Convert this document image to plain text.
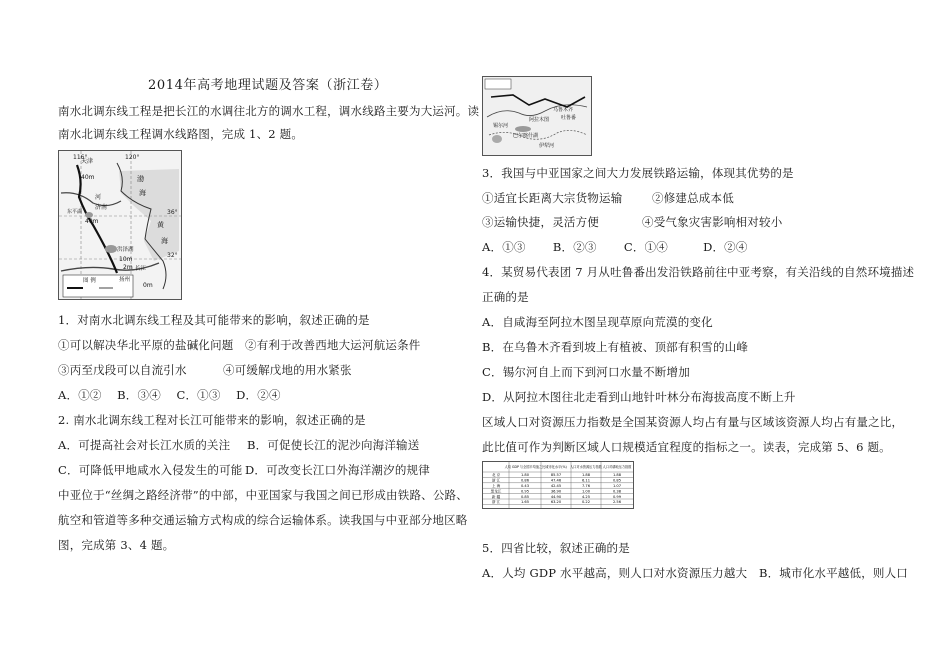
2014年高考地理试题及答案（浙江卷）
南水北调东线工程是把长江的水调往北方的调水工程，调水线路主要为大运河。读
南水北调东线工程调水线路图，完成 1、2 题。
116°	120°
36°
32°
天津
渤
海
黄
河
济南
海
洪泽湖
长江
扬州
东平湖
40m
40m
10m
2m
0m
图 例
1．对南水北调东线工程及其可能带来的影响，叙述正确的是
①可以解决华北平原的盐碱化问题 ②有利于改善西地大运河航运条件
③丙至戊段可以自流引水	④可缓解戊地的用水紧张
A．①②　 B．③④　 C．①③　 D．②④
2. 南水北调东线工程对长江可能带来的影响，叙述正确的是
A．可提高社会对长江水质的关注 B．可促使长江的泥沙向海洋输送
C．可降低甲地咸水入侵发生的可能 D．可改变长江口外海洋潮汐的规律
中亚位于“丝绸之路经济带”的中部，中亚国家与我国之间已形成由铁路、公路、
航空和管道等多种交通运输方式构成的综合运输体系。读我国与中亚部分地区略
图，完成第 3、4 题。
吐鲁番
阿拉木图
乌鲁木齐
锡尔河
巴尔喀什湖
伊犁河
3．我国与中亚国家之间大力发展铁路运输，体现其优势的是
①适宜长距离大宗货物运输	②修建总成本低
③运输快捷，灵活方便	④受气象灾害影响相对较小
A．①③　　 B．②③　　 C．①④　　　D．②④
4．某贸易代表团 7 月从吐鲁番出发沿铁路前往中亚考察，有关沿线的自然环境描述
正确的是
A．自咸海至阿拉木图呈现草原向荒漠的变化
B．在乌鲁木齐看到坡上有植被、顶部有积雪的山峰
C．锡尔河自上而下到河口水量不断增加
D．从阿拉木图往北走看到山地针叶林分布海拔高度不断上升
区域人口对资源压力指数是全国某资源人均占有量与区域该资源人均占有量之比，
此比值可作为判断区域人口规模适宜程度的指标之一。读表，完成第 5、6 题。
人均 GDP 与全国平均值之比 城市化水平(%) 人口对水资源压力指数 人口对耕地压力指数
北 京	1.80	85.57	1.88	1.88
浙 江	0.86	47.46	6.11	0.85
上 海	0.43	42.45	7.76	1.07
黑龙江	0.95	36.90	1.00	0.38
新 疆	0.85	44.90	4.25	0.99
浙 江	1.65	63.20	0.22	2.56
5．四省比较，叙述正确的是
A．人均 GDP 水平越高，则人口对水资源压力越大　B．城市化水平越低，则人口
